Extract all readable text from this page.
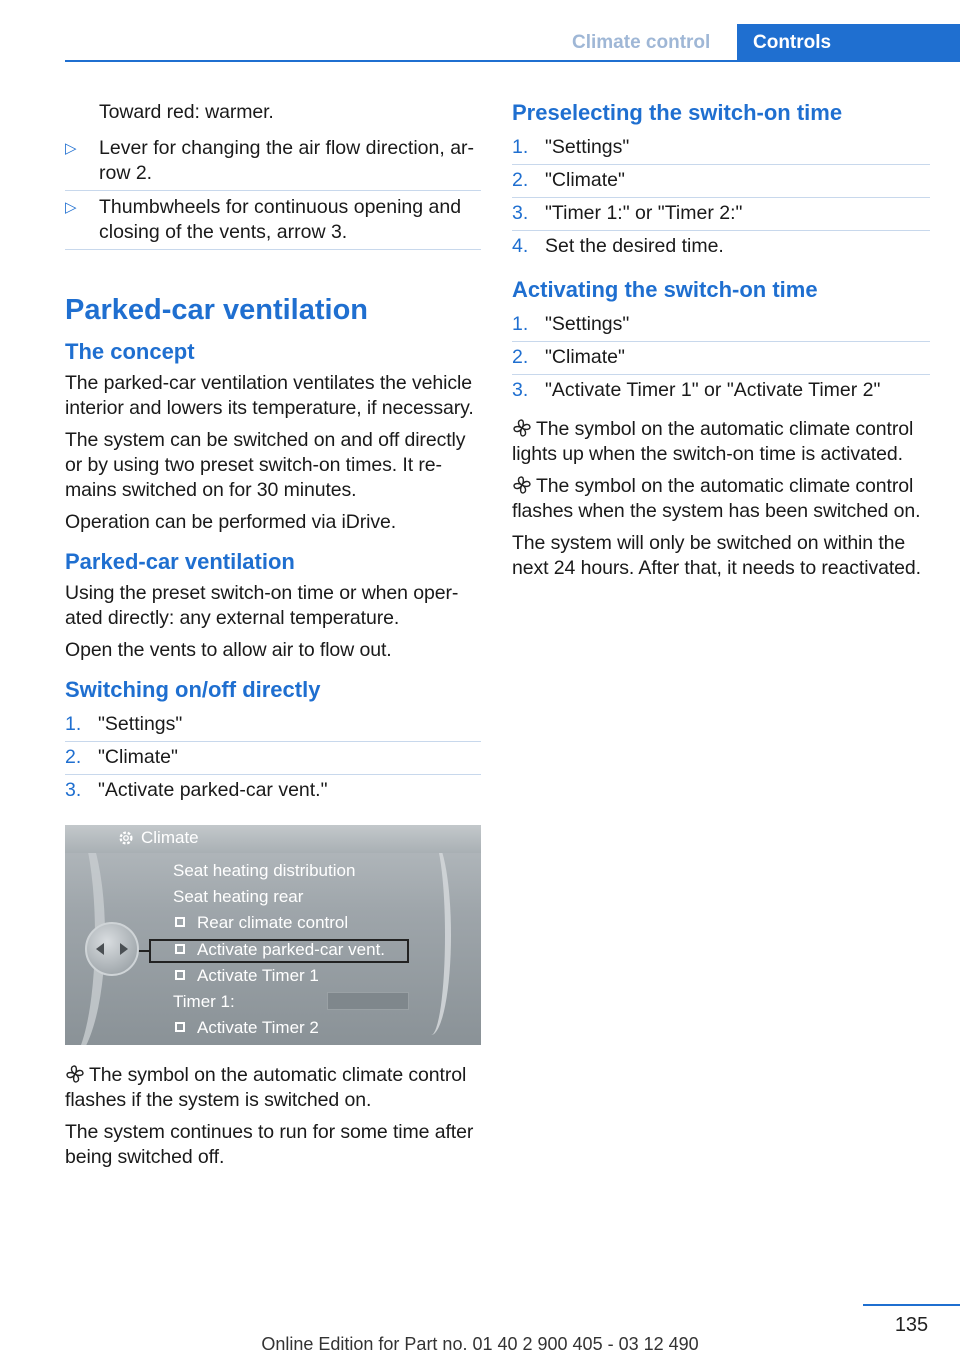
Climate control	Controls

Toward red: warmer.

▷ Lever for changing the air flow direction, ar-row 2.
▷ Thumbwheels for continuous opening and closing of the vents, arrow 3.
Parked-car ventilation
The concept

The parked-car ventilation ventilates the vehicle interior and lowers its temperature, if necessary.

The system can be switched on and off directly or by using two preset switch-on times. It re-mains switched on for 30 minutes.

Operation can be performed via iDrive.

Parked-car ventilation

Using the preset switch-on time or when oper-ated directly: any external temperature.

Open the vents to allow air to flow out.

Switching on/off directly
1. "Settings"
2. "Climate"
3. "Activate parked-car vent."
Climate
Seat heating distribution
Seat heating rear
Rear climate control
Activate parked-car vent.
Activate Timer 1
Timer 1:
Activate Timer 2

The symbol on the automatic climate control flashes if the system is switched on.

The system continues to run for some time after being switched off.

Preselecting the switch-on time
1. "Settings"
2. "Climate"
3. "Timer 1:" or "Timer 2:"
4. Set the desired time.
Activating the switch-on time
1. "Settings"
2. "Climate"
3. "Activate Timer 1" or "Activate Timer 2"

The symbol on the automatic climate control lights up when the switch-on time is activated.

The symbol on the automatic climate control flashes when the system has been switched on.

The system will only be switched on within the next 24 hours. After that, it needs to reactivated.

135
Online Edition for Part no. 01 40 2 900 405 - 03 12 490
